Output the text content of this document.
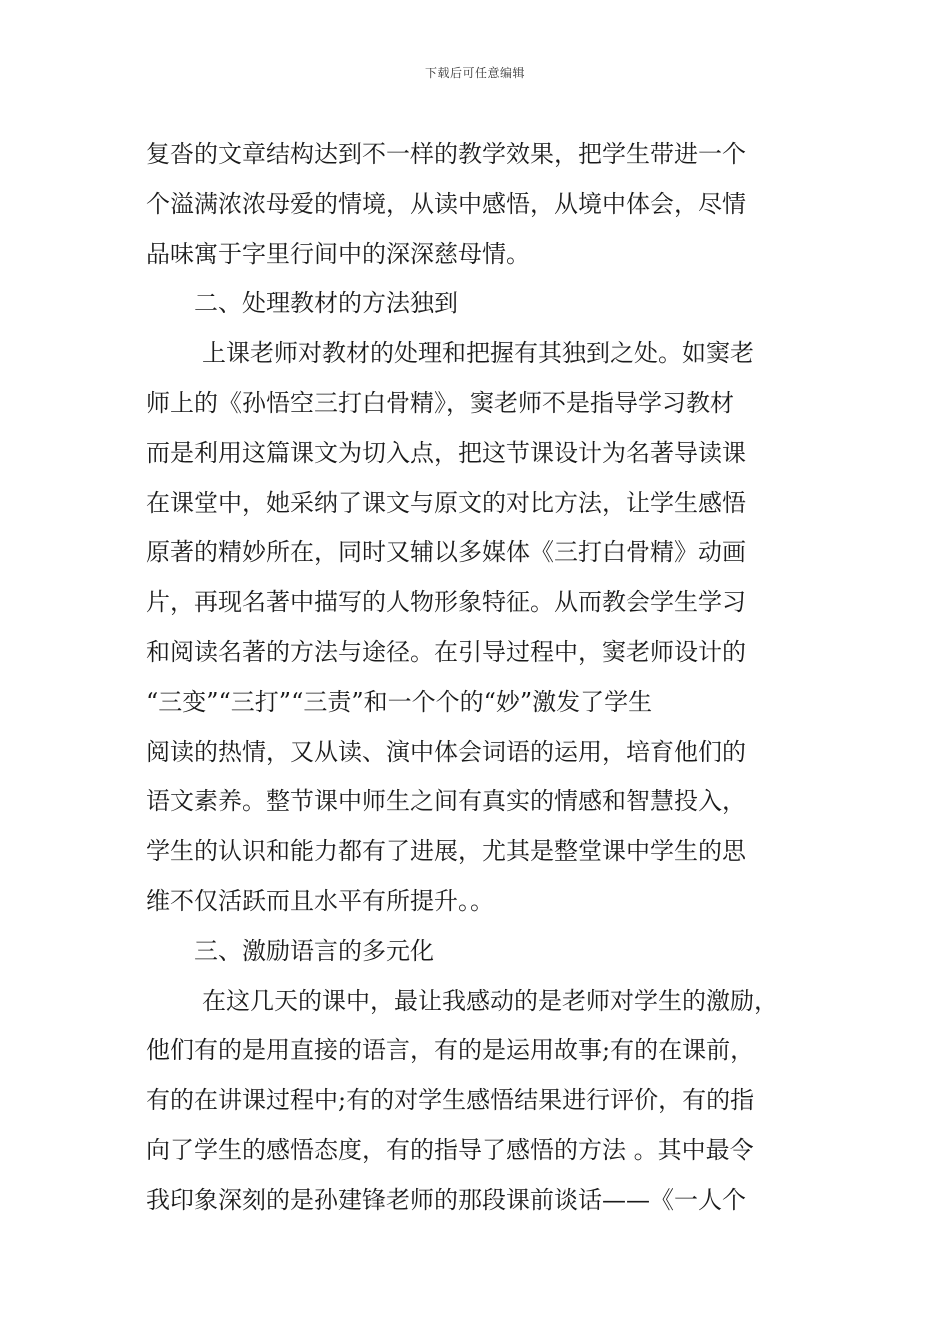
下载后可任意编辑
复沓的文章结构达到不一样的教学效果，把学生带进一个
个溢满浓浓母爱的情境，从读中感悟，从境中体会，尽情
品味寓于字里行间中的深深慈母情。
二、处理教材的方法独到
上课老师对教材的处理和把握有其独到之处。如窦老
师上的《孙悟空三打白骨精》，窦老师不是指导学习教材
而是利用这篇课文为切入点，把这节课设计为名著导读课
在课堂中，她采纳了课文与原文的对比方法，让学生感悟
原著的精妙所在，同时又辅以多媒体《三打白骨精》动画
片，再现名著中描写的人物形象特征。从而教会学生学习
和阅读名著的方法与途径。在引导过程中，窦老师设计的
“三变”“三打”“三责”和一个个的“妙”激发了学生
阅读的热情，又从读、演中体会词语的运用，培育他们的
语文素养。整节课中师生之间有真实的情感和智慧投入，
学生的认识和能力都有了进展，尤其是整堂课中学生的思
维不仅活跃而且水平有所提升。。
三、激励语言的多元化
在这几天的课中，最让我感动的是老师对学生的激励，
他们有的是用直接的语言，有的是运用故事;有的在课前，
有的在讲课过程中;有的对学生感悟结果进行评价，有的指
向了学生的感悟态度，有的指导了感悟的方法 。其中最令
我印象深刻的是孙建锋老师的那段课前谈话——《一人个
